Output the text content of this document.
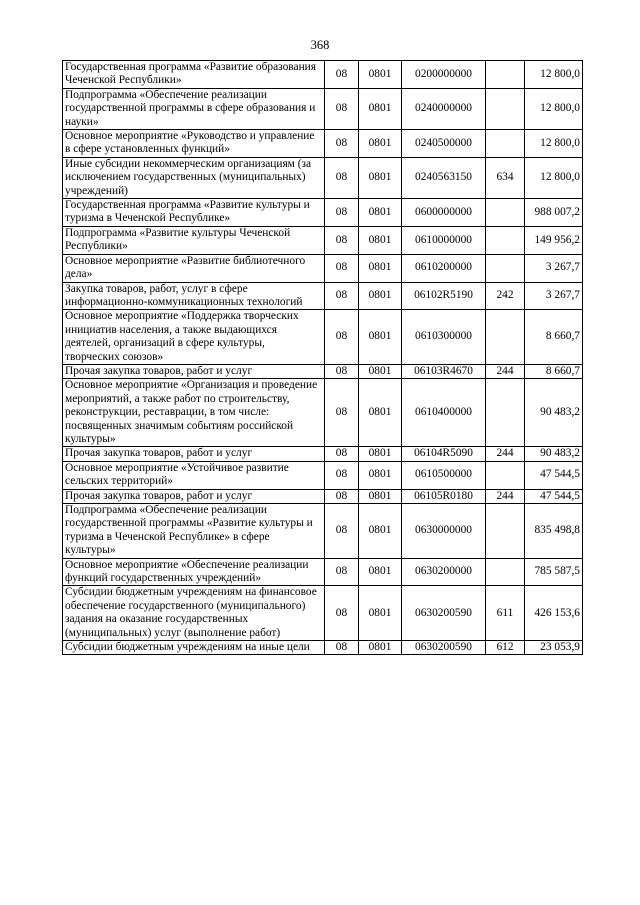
368
Государственная программа «Развитие образования Чеченской Республики»	08	0801	0200000000		12 800,0
Подпрограмма «Обеспечение реализации государственной программы в сфере образования и науки»	08	0801	0240000000		12 800,0
Основное мероприятие «Руководство и управление в сфере установленных функций»	08	0801	0240500000		12 800,0
Иные субсидии некоммерческим организациям (за исключением государственных (муниципальных) учреждений)	08	0801	0240563150	634	12 800,0
Государственная программа «Развитие культуры и туризма в Чеченской Республике»	08	0801	0600000000		988 007,2
Подпрограмма «Развитие культуры Чеченской Республики»	08	0801	0610000000		149 956,2
Основное мероприятие «Развитие библиотечного дела»	08	0801	0610200000		3 267,7
Закупка товаров, работ, услуг в сфере информационно-коммуникационных технологий	08	0801	06102R5190	242	3 267,7
Основное мероприятие «Поддержка творческих инициатив населения, а также выдающихся деятелей, организаций в сфере культуры, творческих союзов»	08	0801	0610300000		8 660,7
Прочая закупка товаров, работ и услуг	08	0801	06103R4670	244	8 660,7
Основное мероприятие «Организация и проведение мероприятий, а также работ по строительству, реконструкции, реставрации, в том числе: посвященных значимым событиям российской культуры»	08	0801	0610400000		90 483,2
Прочая закупка товаров, работ и услуг	08	0801	06104R5090	244	90 483,2
Основное мероприятие «Устойчивое развитие сельских территорий»	08	0801	0610500000		47 544,5
Прочая закупка товаров, работ и услуг	08	0801	06105R0180	244	47 544,5
Подпрограмма «Обеспечение реализации государственной программы «Развитие культуры и туризма в Чеченской Республике» в сфере культуры»	08	0801	0630000000		835 498,8
Основное мероприятие «Обеспечение реализации функций государственных учреждений»	08	0801	0630200000		785 587,5
Субсидии бюджетным учреждениям на финансовое обеспечение государственного (муниципального) задания на оказание государственных (муниципальных) услуг (выполнение работ)	08	0801	0630200590	611	426 153,6
Субсидии бюджетным учреждениям на иные цели	08	0801	0630200590	612	23 053,9
